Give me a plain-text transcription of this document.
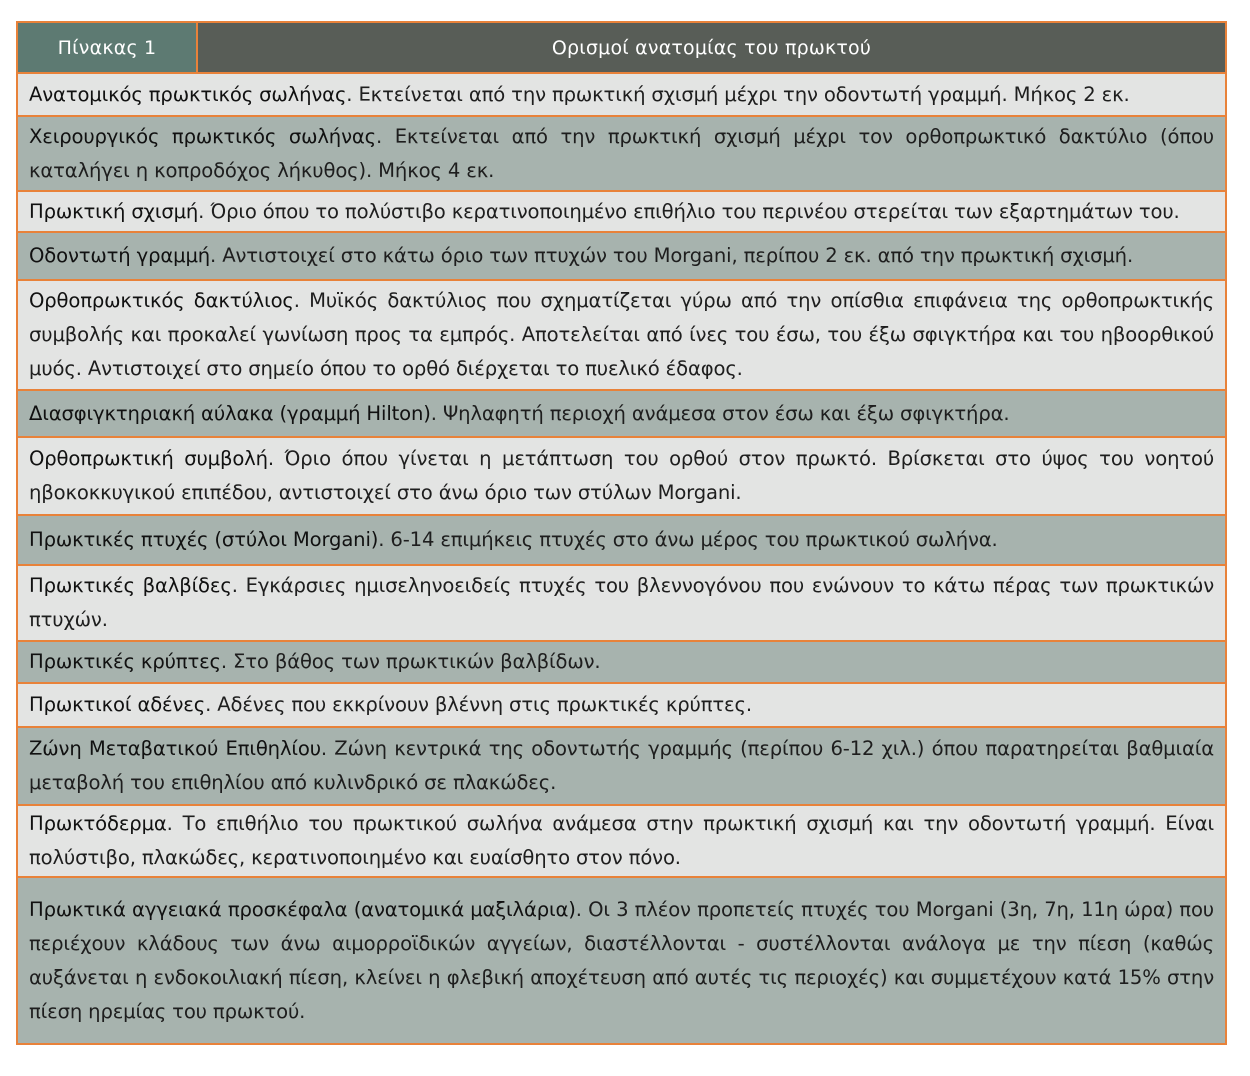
Πίνακας 1	Ορισμοί ανατομίας του πρωκτού
Ανατομικός πρωκτικός σωλήνας. Εκτείνεται από την πρωκτική σχισμή μέχρι την οδοντωτή γραμμή. Μήκος 2 εκ.
Χειρουργικός πρωκτικός σωλήνας. Εκτείνεται από την πρωκτική σχισμή μέχρι τον ορθοπρωκτικό δακτύλιο (όπου καταλήγει η κοπροδόχος λήκυθος). Μήκος 4 εκ.
Πρωκτική σχισμή. Όριο όπου το πολύστιβο κερατινοποιημένο επιθήλιο του περινέου στερείται των εξαρτημάτων του.
Οδοντωτή γραμμή. Αντιστοιχεί στο κάτω όριο των πτυχών του Morgani, περίπου 2 εκ. από την πρωκτική σχισμή.
Ορθοπρωκτικός δακτύλιος. Μυϊκός δακτύλιος που σχηματίζεται γύρω από την οπίσθια επιφάνεια της ορθοπρωκτικής συμβολής και προκαλεί γωνίωση προς τα εμπρός. Αποτελείται από ίνες του έσω, του έξω σφιγκτήρα και του ηβοορθικού μυός. Αντιστοιχεί στο σημείο όπου το ορθό διέρχεται το πυελικό έδαφος.
Διασφιγκτηριακή αύλακα (γραμμή Hilton). Ψηλαφητή περιοχή ανάμεσα στον έσω και έξω σφιγκτήρα.
Ορθοπρωκτική συμβολή. Όριο όπου γίνεται η μετάπτωση του ορθού στον πρωκτό. Βρίσκεται στο ύψος του νοητού ηβοκοκκυγικού επιπέδου, αντιστοιχεί στο άνω όριο των στύλων Morgani.
Πρωκτικές πτυχές (στύλοι Morgani). 6-14 επιμήκεις πτυχές στο άνω μέρος του πρωκτικού σωλήνα.
Πρωκτικές βαλβίδες. Εγκάρσιες ημισεληνοειδείς πτυχές του βλεννογόνου που ενώνουν το κάτω πέρας των πρωκτικών πτυχών.
Πρωκτικές κρύπτες. Στο βάθος των πρωκτικών βαλβίδων.
Πρωκτικοί αδένες. Αδένες που εκκρίνουν βλέννη στις πρωκτικές κρύπτες.
Ζώνη Μεταβατικού Επιθηλίου. Ζώνη κεντρικά της οδοντωτής γραμμής (περίπου 6-12 χιλ.) όπου παρατηρείται βαθμιαία μεταβολή του επιθηλίου από κυλινδρικό σε πλακώδες.
Πρωκτόδερμα. Το επιθήλιο του πρωκτικού σωλήνα ανάμεσα στην πρωκτική σχισμή και την οδοντωτή γραμμή. Είναι πολύστιβο, πλακώδες, κερατινοποιημένο και ευαίσθητο στον πόνο.
Πρωκτικά αγγειακά προσκέφαλα (ανατομικά μαξιλάρια). Οι 3 πλέον προπετείς πτυχές του Morgani (3η, 7η, 11η ώρα) που περιέχουν κλάδους των άνω αιμορροϊδικών αγγείων, διαστέλλονται - συστέλλονται ανάλογα με την πίεση (καθώς αυξάνεται η ενδοκοιλιακή πίεση, κλείνει η φλεβική αποχέτευση από αυτές τις περιοχές) και συμμετέχουν κατά 15% στην πίεση ηρεμίας του πρωκτού.
